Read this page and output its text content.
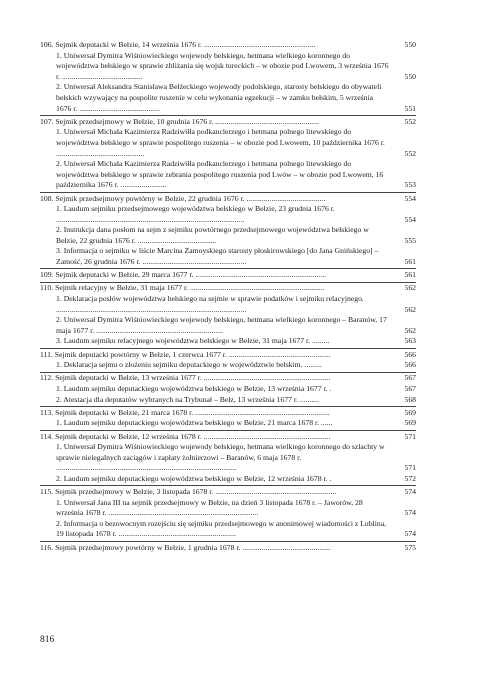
106. Sejmik deputacki w Bełzie, 14 września 1676 r. ..........................................................	550
1. Uniwersał Dymitra Wiśniowieckiego wojewody bełskiego, hetmana wielkiego koronnego do województwa bełskiego w sprawie zbliżania się wojsk tureckich – w obozie pod Lwowem, 3 września 1676 r. ..........................................	550
2. Uniwersał Aleksandra Stanisława Bełżeckiego wojewody podolskiego, starosty bełskiego do obywateli bełskich wzywający na pospolite ruszenie w celu wykonania egzekucji – w zamku bełskim, 5 września 1676 r. ..........................................	551
107. Sejmik przedsejmowy w Bełzie, 10 grudnia 1676 r. ......................................................	552
1. Uniwersał Michała Kazimierza Radziwiłła podkanclerzego i hetmana polnego litewskiego do województwa bełskiego w sprawie pospolitego ruszenia – w obozie pod Lwowem, 10 października 1676 r. ..............................................	552
2. Uniwersał Michała Kazimierza Radziwiłła podkanclerzego i hetmana polnego litewskiego do województwa bełskiego w sprawie zebrania pospolitego ruszenia pod Lwów – w obozie pod Lwowem, 16 października 1676 r. ........................	553
108. Sejmik przedsejmowy powtórny w Bełzie, 22 grudnia 1676 r. .........................................	554
1. Laudum sejmiku przedsejmowego województwa bełskiego w Bełzie, 23 grudnia 1676 r. ..................................................................................................	554
2. Instrukcja dana posłom na sejm z sejmiku powtórnego przedsejmowego województwa bełskiego w Bełzie, 22 grudnia 1676 r. .........................................	555
3. Informacja o sejmiku w liście Marcina Zamoyskiego starosty płoskirowskiego [do Jana Gnińskiego] – Zamość, 26 grudnia 1676 r. ......................................................	561
109. Sejmik deputacki w Bełzie, 29 marca 1677 r. ....................................................................	561
110. Sejmik relacyjny w Bełzie, 31 maja 1677 r. ......................................................................	562
1. Deklaracja posłów województwa bełskiego na sejmie w sprawie podatków i sejmiku relacyjnego. ...................................................................................................	562
2. Uniwersał Dymitra Wiśniowieckiego wojewody bełskiego, hetmana wielkiego koronnego – Baranów, 17 maja 1677 r. ..................................................................	562
3. Laudum sejmiku relacyjnego województwa bełskiego w Bełzie, 31 maja 1677 r. .........	563
111. Sejmik deputacki powtórny w Bełzie, 1 czerwca 1677 r. .....................................................	566
1. Deklaracja sejmu o złożeniu sejmiku deputackiego w województwie bełskim. .........	566
112. Sejmik deputacki w Bełzie, 13 września 1677 r. ..................................................................	567
1. Laudum sejmiku deputackiego województwa bełskiego w Bełzie, 13 września 1677 r. .	567
2. Atestacja dla deputatów wybranych na Trybunał – Bełz, 13 września 1677 r. ..........	568
113. Sejmik deputacki w Bełzie, 21 marca 1678 r. ......................................................................	569
1. Laudum sejmiku deputackiego województwa bełskiego w Bełzie, 21 marca 1678 r. ......	569
114. Sejmik deputacki w Bełzie, 12 września 1678 r. ..................................................................	571
1. Uniwersał Dymitra Wiśniowieckiego wojewody bełskiego, hetmana wielkiego koronnego do szlachty w sprawie nielegalnych zaciągów i zapłaty żołnierzowi – Baranów, 6 maja 1678 r. ..............................................................................................	571
2. Laudum sejmiku deputackiego województwa bełskiego w Bełzie, 12 września 1678 r. .	572
115. Sejmik przedsejmowy w Bełzie, 3 listopada 1678 r. ...............................................................	574
1. Uniwersał Jana III na sejmik przedsejmowy w Bełzie, na dzień 3 listopada 1678 r. – Jaworów, 28 września 1678 r. ..............................................................................	574
2. Informacja o bezowocnym rozejściu się sejmiku przedsejmowego w anonimowej wiadomości z Lublina, 19 listopada 1678 r. .............................................................	574
116. Sejmik przedsejmowy powtórny w Bełzie, 1 grudnia 1678 r. ..............................................	575
816
